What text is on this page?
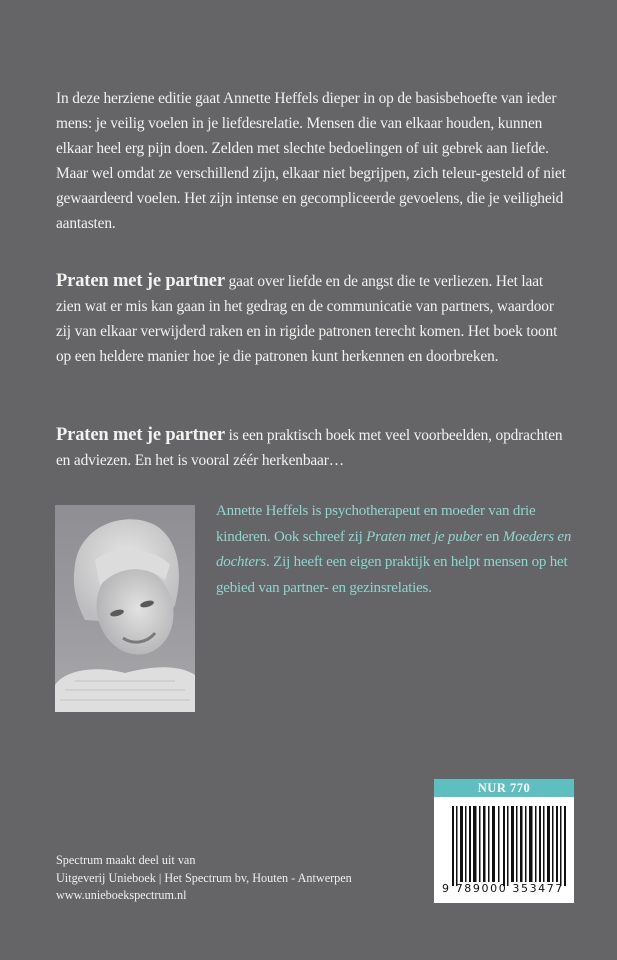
In deze herziene editie gaat Annette Heffels dieper in op de basisbehoefte van ieder mens: je veilig voelen in je liefdesrelatie. Mensen die van elkaar houden, kunnen elkaar heel erg pijn doen. Zelden met slechte bedoelingen of uit gebrek aan liefde. Maar wel omdat ze verschillend zijn, elkaar niet begrijpen, zich teleur-gesteld of niet gewaardeerd voelen. Het zijn intense en gecompliceerde gevoelens, die je veiligheid aantasten.

Praten met je partner gaat over liefde en de angst die te verliezen. Het laat zien wat er mis kan gaan in het gedrag en de communicatie van partners, waardoor zij van elkaar verwijderd raken en in rigide patronen terecht komen. Het boek toont op een heldere manier hoe je die patronen kunt herkennen en doorbreken.

Praten met je partner is een praktisch boek met veel voorbeelden, opdrachten en adviezen. En het is vooral zéér herkenbaar…

Annette Heffels is psychotherapeut en moeder van drie kinderen. Ook schreef zij Praten met je puber en Moeders en dochters. Zij heeft een eigen praktijk en helpt mensen op het gebied van partner- en gezinsrelaties.

NUR 770
9 789000 353477
Spectrum maakt deel uit van
Uitgeverij Unieboek | Het Spectrum bv, Houten - Antwerpen
www.unieboekspectrum.nl
